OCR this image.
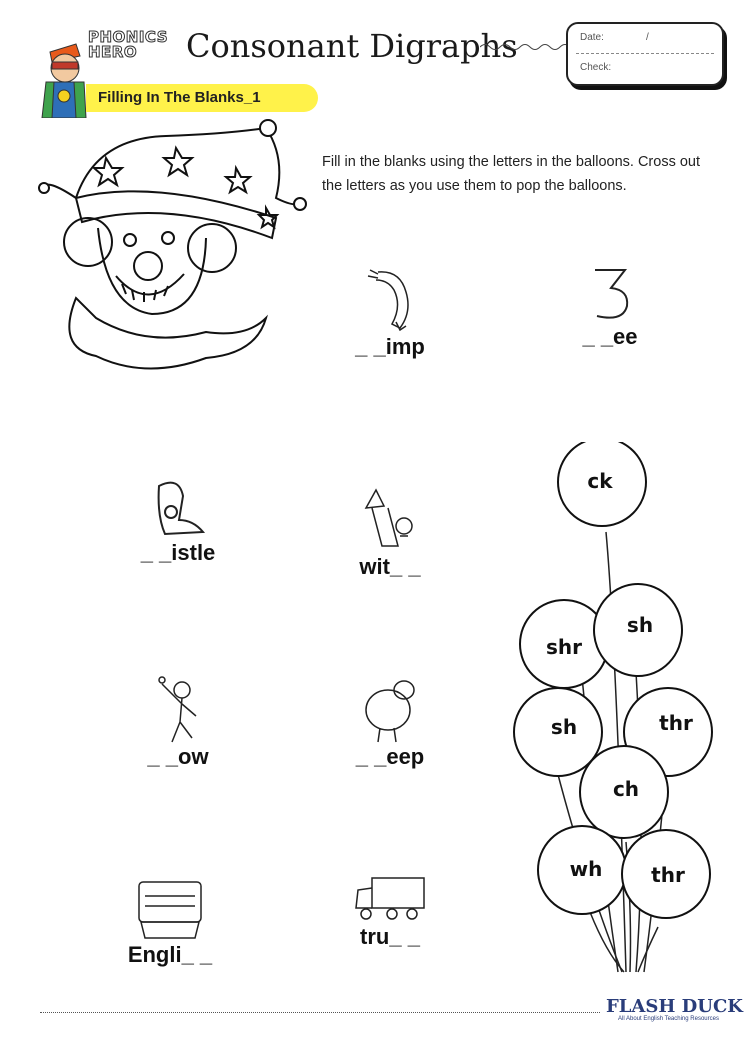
PHONICS HERO	Consonant Digraphs	Date:	/
Check:
Filling In The Blanks_1
Fill in the blanks using the letters in the balloons. Cross out the letters as you use them to pop the balloons.
_ _imp	_ _ee
_ _istle
wit_ _
_ _ow	_ _eep
Engli_ _
tru_ _
ck
sh
shr
sh	thr
ch
wh thr
FLASH DUCK
All About English Teaching Resources
